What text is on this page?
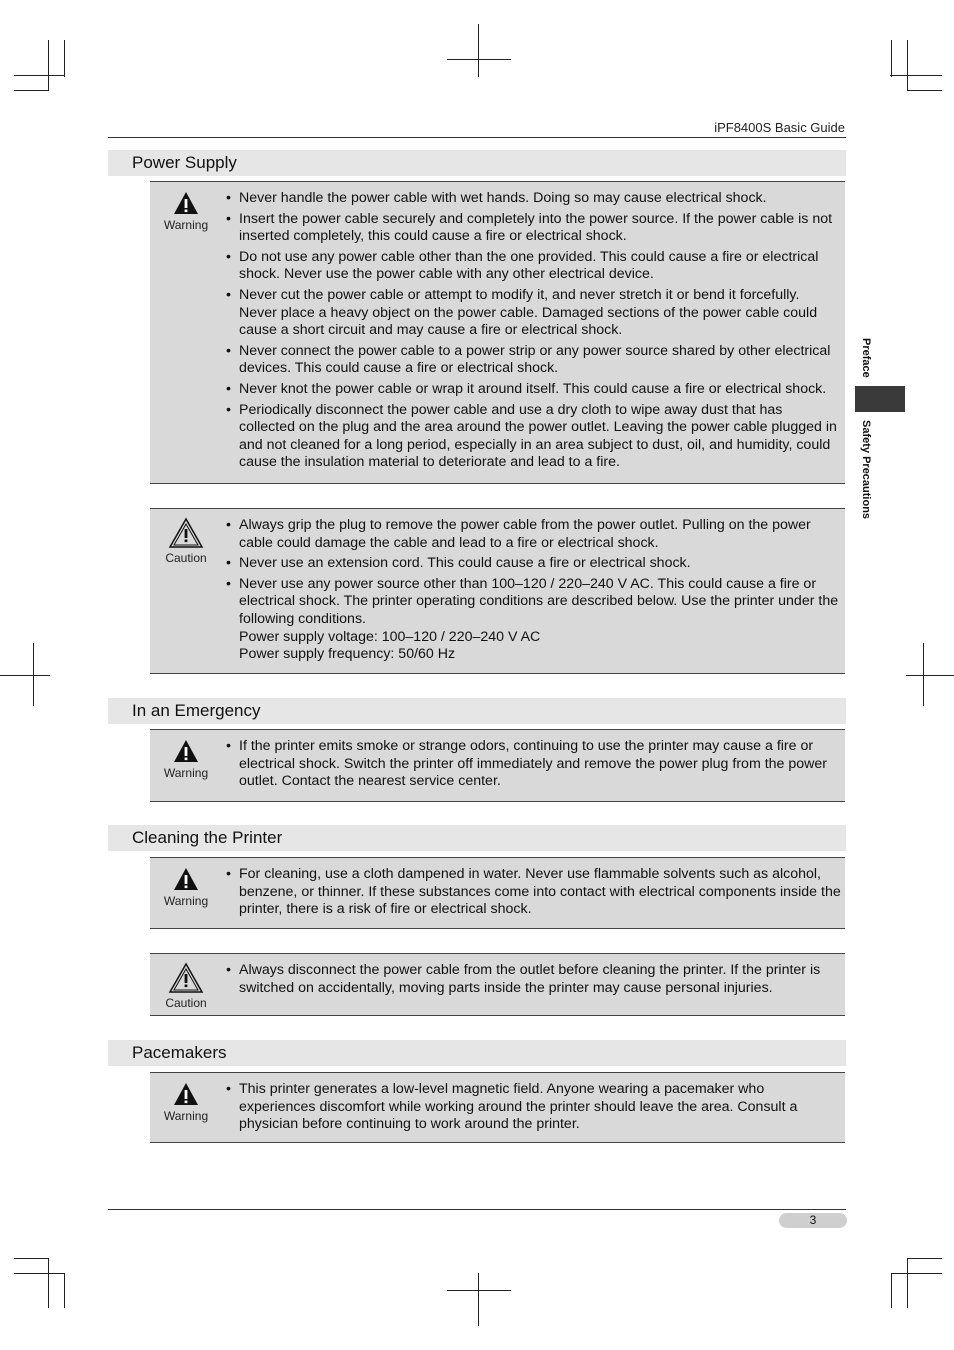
iPF8400S Basic Guide
Preface
Safety Precautions
Power Supply
Warning
• Never handle the power cable with wet hands. Doing so may cause electrical shock.
• Insert the power cable securely and completely into the power source. If the power cable is not inserted completely, this could cause a fire or electrical shock.
• Do not use any power cable other than the one provided. This could cause a fire or electrical shock. Never use the power cable with any other electrical device.
• Never cut the power cable or attempt to modify it, and never stretch it or bend it forcefully. Never place a heavy object on the power cable. Damaged sections of the power cable could cause a short circuit and may cause a fire or electrical shock.
• Never connect the power cable to a power strip or any power source shared by other electrical devices. This could cause a fire or electrical shock.
• Never knot the power cable or wrap it around itself. This could cause a fire or electrical shock.
• Periodically disconnect the power cable and use a dry cloth to wipe away dust that has collected on the plug and the area around the power outlet. Leaving the power cable plugged in and not cleaned for a long period, especially in an area subject to dust, oil, and humidity, could cause the insulation material to deteriorate and lead to a fire.
Caution
• Always grip the plug to remove the power cable from the power outlet. Pulling on the power cable could damage the cable and lead to a fire or electrical shock.
• Never use an extension cord. This could cause a fire or electrical shock.
• Never use any power source other than 100–120 / 220–240 V AC. This could cause a fire or electrical shock. The printer operating conditions are described below. Use the printer under the following conditions.
Power supply voltage: 100–120 / 220–240 V AC
Power supply frequency: 50/60 Hz
In an Emergency
Warning
• If the printer emits smoke or strange odors, continuing to use the printer may cause a fire or electrical shock. Switch the printer off immediately and remove the power plug from the power outlet. Contact the nearest service center.
Cleaning the Printer
Warning
• For cleaning, use a cloth dampened in water. Never use flammable solvents such as alcohol, benzene, or thinner. If these substances come into contact with electrical components inside the printer, there is a risk of fire or electrical shock.
Caution
• Always disconnect the power cable from the outlet before cleaning the printer. If the printer is switched on accidentally, moving parts inside the printer may cause personal injuries.
Pacemakers
Warning
• This printer generates a low-level magnetic field. Anyone wearing a pacemaker who experiences discomfort while working around the printer should leave the area. Consult a physician before continuing to work around the printer.
3
